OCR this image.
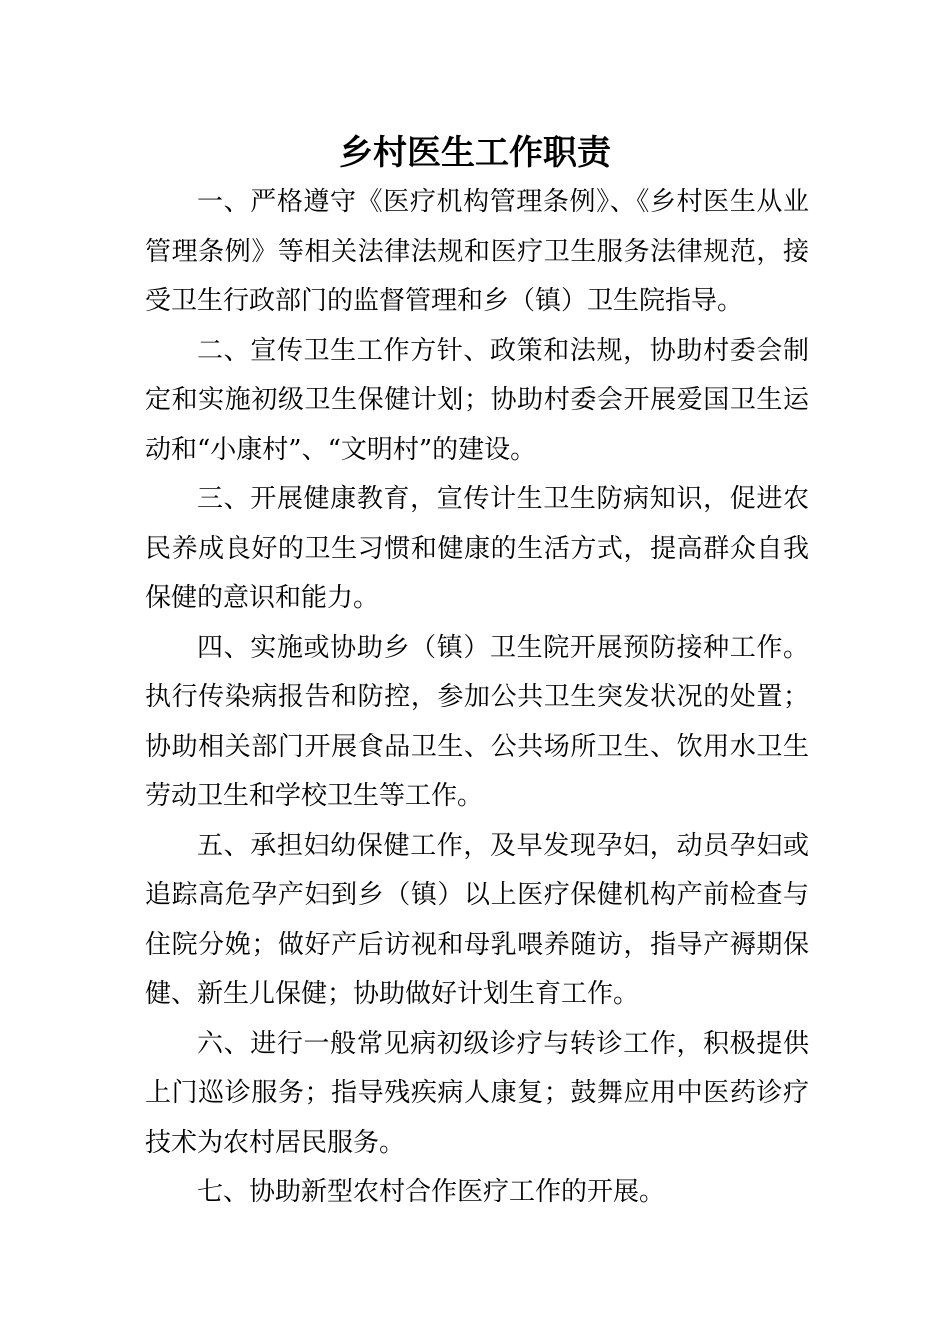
乡村医生工作职责

一、严格遵守《医疗机构管理条例》、《乡村医生从业管理条例》等相关法律法规和医疗卫生服务法律规范，接受卫生行政部门的监督管理和乡（镇）卫生院指导。

二、宣传卫生工作方针、政策和法规，协助村委会制定和实施初级卫生保健计划；协助村委会开展爱国卫生运动和“小康村”、“文明村”的建设。

三、开展健康教育，宣传计生卫生防病知识，促进农民养成良好的卫生习惯和健康的生活方式，提高群众自我保健的意识和能力。

四、实施或协助乡（镇）卫生院开展预防接种工作。执行传染病报告和防控，参加公共卫生突发状况的处置；协助相关部门开展食品卫生、公共场所卫生、饮用水卫生劳动卫生和学校卫生等工作。

五、承担妇幼保健工作，及早发现孕妇，动员孕妇或追踪高危孕产妇到乡（镇）以上医疗保健机构产前检查与住院分娩；做好产后访视和母乳喂养随访，指导产褥期保健、新生儿保健；协助做好计划生育工作。

六、进行一般常见病初级诊疗与转诊工作，积极提供上门巡诊服务；指导残疾病人康复；鼓舞应用中医药诊疗技术为农村居民服务。

七、协助新型农村合作医疗工作的开展。
